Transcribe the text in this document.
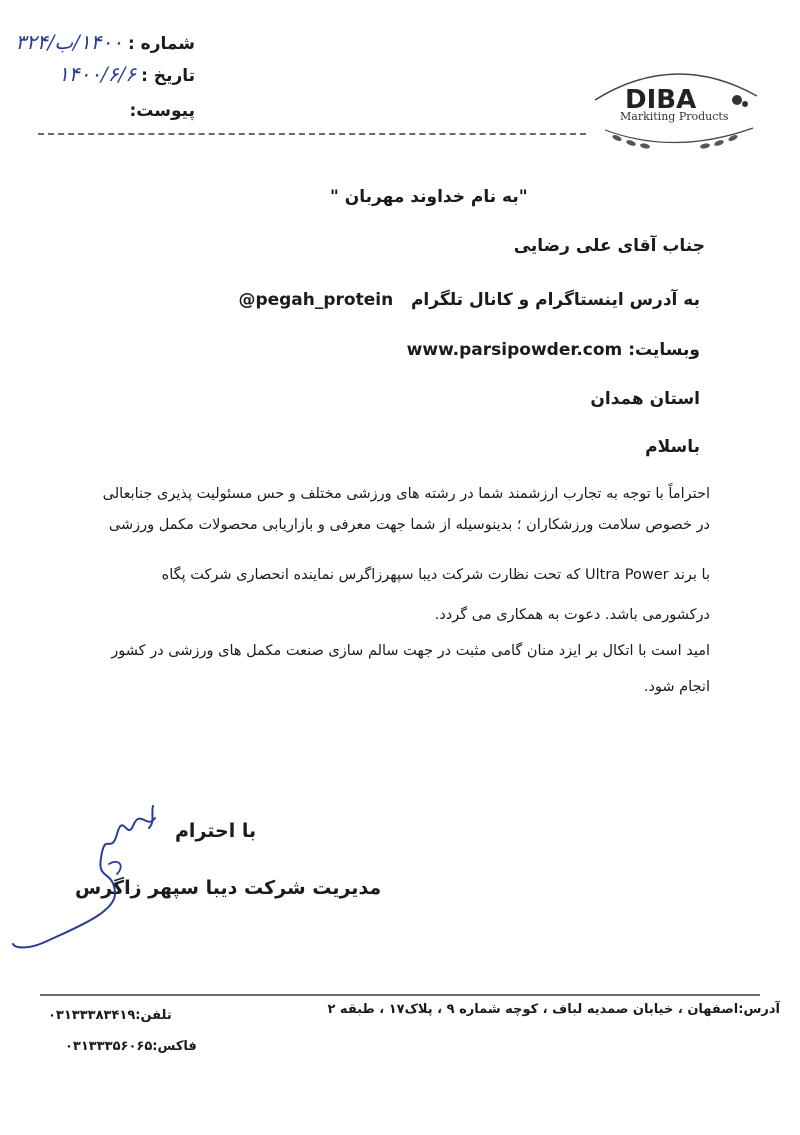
شماره : ۱۴۰۰/ب/۳۲۴
تاریخ : ۱۴۰۰/۶/۶
پیوست:	DIBA
Markiting Products
"به نام خداوند مهربان "
جناب آقای علی رضایی
به آدرس اینستاگرام و کانال تلگرام   @pegah_protein
وبسایت: www.parsipowder.com
استان همدان
باسلام
احتراماً با توجه به تجارب ارزشمند شما در رشته های ورزشی مختلف و حس مسئولیت پذیری جنابعالی
در خصوص سلامت ورزشکاران ؛ بدینوسیله از شما جهت معرفی و بازاریابی محصولات مکمل ورزشی
با برند Ultra Power که تحت نظارت شرکت دیبا سپهرزاگرس نماینده انحصاری شرکت پگاه
درکشورمی باشد. دعوت به همکاری می گردد.
امید است با اتکال بر ایزد منان گامی مثبت در جهت سالم سازی صنعت مکمل های ورزشی در کشور
انجام شود.
با احترام
مدیریت شرکت دیبا سپهر زاگرس
آدرس:اصفهان ، خیابان صمدیه لباف ، کوچه شماره ۹ ، پلاک۱۷ ، طبقه ۲
تلفن:۰۳۱۳۳۳۸۳۴۱۹
فاکس:۰۳۱۳۳۳۵۶۰۶۵
